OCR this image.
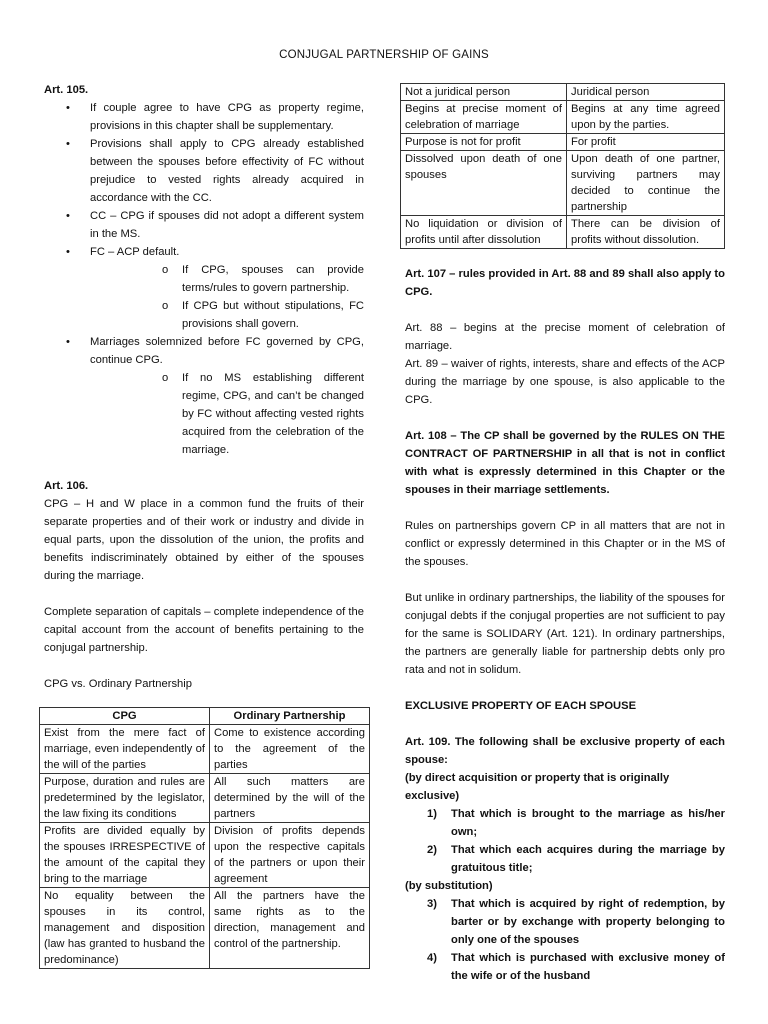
CONJUGAL PARTNERSHIP OF GAINS

Art. 105.

• If couple agree to have CPG as property regime, provisions in this chapter shall be supplementary.
• Provisions shall apply to CPG already established between the spouses before effectivity of FC without prejudice to vested rights already acquired in accordance with the CC.
• CC – CPG if spouses did not adopt a different system in the MS.
• FC – ACP default.
o If CPG, spouses can provide terms/rules to govern partnership.
o If CPG but without stipulations, FC provisions shall govern.
• Marriages solemnized before FC governed by CPG, continue CPG.
o If no MS establishing different regime, CPG, and can’t be changed by FC without affecting vested rights acquired from the celebration of the marriage.

Art. 106.

CPG – H and W place in a common fund the fruits of their separate properties and of their work or industry and divide in equal parts, upon the dissolution of the union, the profits and benefits indiscriminately obtained by either of the spouses during the marriage.

Complete separation of capitals – complete independence of the capital account from the account of benefits pertaining to the conjugal partnership.

CPG vs. Ordinary Partnership

CPG	Ordinary Partnership
Exist from the mere fact of marriage, even independently of the will of the parties	Come to existence according to the agreement of the parties
Purpose, duration and rules are predetermined by the legislator, the law fixing its conditions	All such matters are determined by the will of the partners
Profits are divided equally by the spouses IRRESPECTIVE of the amount of the capital they bring to the marriage	Division of profits depends upon the respective capitals of the partners or upon their agreement
No equality between the spouses in its control, management and disposition (law has granted to husband the predominance)	All the partners have the same rights as to the direction, management and control of the partnership.
Not a juridical person	Juridical person
Begins at precise moment of celebration of marriage	Begins at any time agreed upon by the parties.
Purpose is not for profit	For profit
Dissolved upon death of one spouses	Upon death of one partner, surviving partners may decided to continue the partnership
No liquidation or division of profits until after dissolution	There can be division of profits without dissolution.

Art. 107 – rules provided in Art. 88 and 89 shall also apply to CPG.

Art. 88 – begins at the precise moment of celebration of marriage.

Art. 89 – waiver of rights, interests, share and effects of the ACP during the marriage by one spouse, is also applicable to the CPG.

Art. 108 – The CP shall be governed by the RULES ON THE CONTRACT OF PARTNERSHIP in all that is not in conflict with what is expressly determined in this Chapter or the spouses in their marriage settlements.

Rules on partnerships govern CP in all matters that are not in conflict or expressly determined in this Chapter or in the MS of the spouses.

But unlike in ordinary partnerships, the liability of the spouses for conjugal debts if the conjugal properties are not sufficient to pay for the same is SOLIDARY (Art. 121). In ordinary partnerships, the partners are generally liable for partnership debts only pro rata and not in solidum.

EXCLUSIVE PROPERTY OF EACH SPOUSE

Art. 109. The following shall be exclusive property of each spouse:

(by direct acquisition or property that is originally exclusive)

1) That which is brought to the marriage as his/her own;
2) That which each acquires during the marriage by gratuitous title;

(by substitution)

3) That which is acquired by right of redemption, by barter or by exchange with property belonging to only one of the spouses
4) That which is purchased with exclusive money of the wife or of the husband
